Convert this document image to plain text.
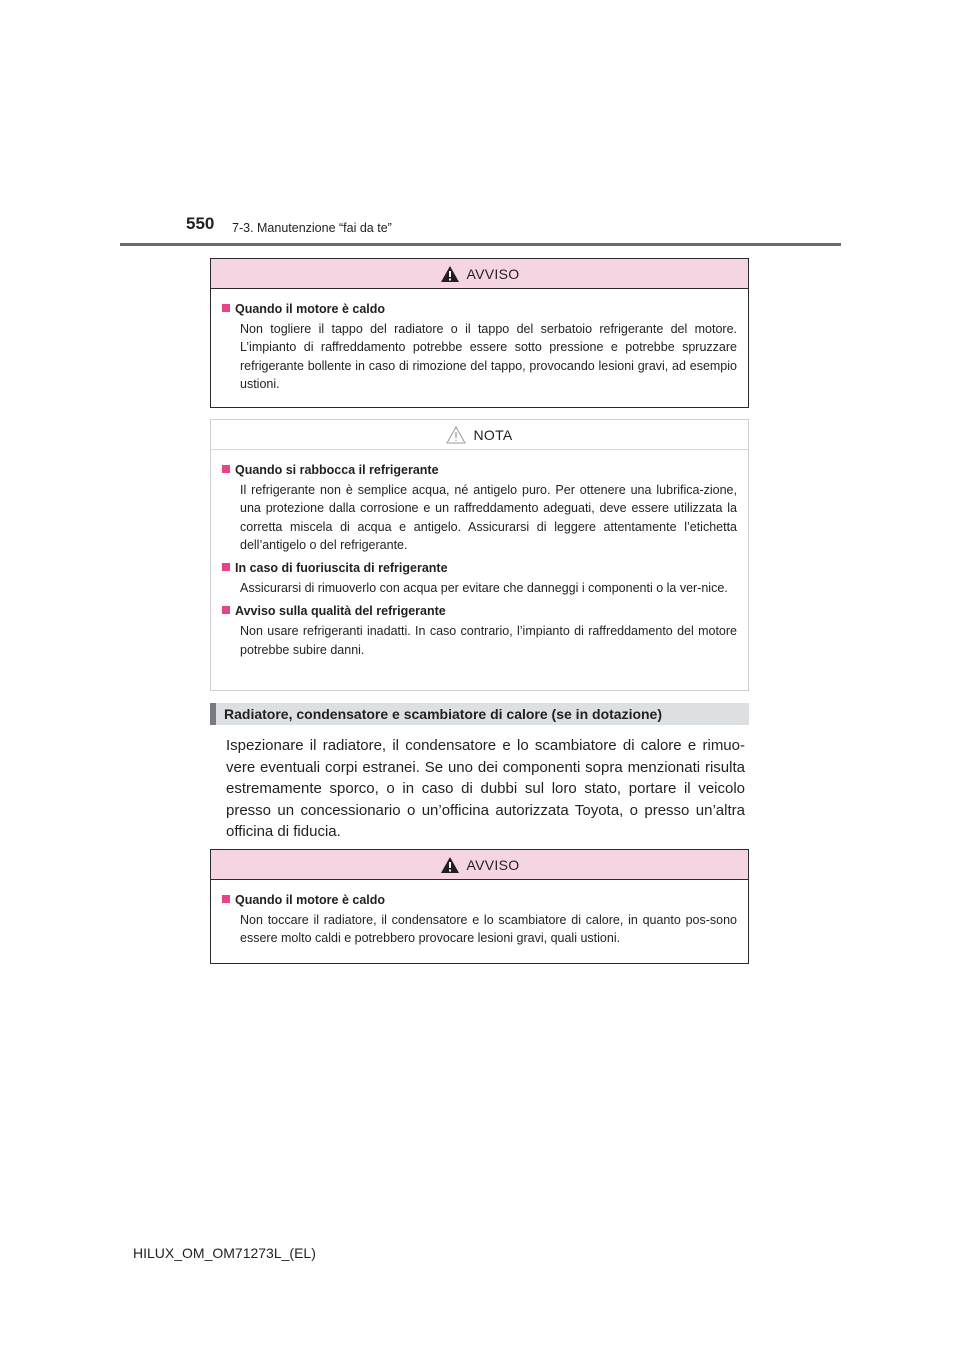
550 7-3. Manutenzione “fai da te”
AVVISO
Quando il motore è caldo
Non togliere il tappo del radiatore o il tappo del serbatoio refrigerante del motore. L’impianto di raffreddamento potrebbe essere sotto pressione e potrebbe spruzzare refrigerante bollente in caso di rimozione del tappo, provocando lesioni gravi, ad esempio ustioni.
NOTA
Quando si rabbocca il refrigerante
Il refrigerante non è semplice acqua, né antigelo puro. Per ottenere una lubrifica-zione, una protezione dalla corrosione e un raffreddamento adeguati, deve essere utilizzata la corretta miscela di acqua e antigelo. Assicurarsi di leggere attentamente l’etichetta dell’antigelo o del refrigerante.
In caso di fuoriuscita di refrigerante
Assicurarsi di rimuoverlo con acqua per evitare che danneggi i componenti o la ver-nice.
Avviso sulla qualità del refrigerante
Non usare refrigeranti inadatti. In caso contrario, l’impianto di raffreddamento del motore potrebbe subire danni.
Radiatore, condensatore e scambiatore di calore (se in dotazione)
Ispezionare il radiatore, il condensatore e lo scambiatore di calore e rimuo-vere eventuali corpi estranei. Se uno dei componenti sopra menzionati risulta estremamente sporco, o in caso di dubbi sul loro stato, portare il veicolo presso un concessionario o un’officina autorizzata Toyota, o presso un’altra officina di fiducia.
AVVISO
Quando il motore è caldo
Non toccare il radiatore, il condensatore e lo scambiatore di calore, in quanto pos-sono essere molto caldi e potrebbero provocare lesioni gravi, quali ustioni.
HILUX_OM_OM71273L_(EL)
